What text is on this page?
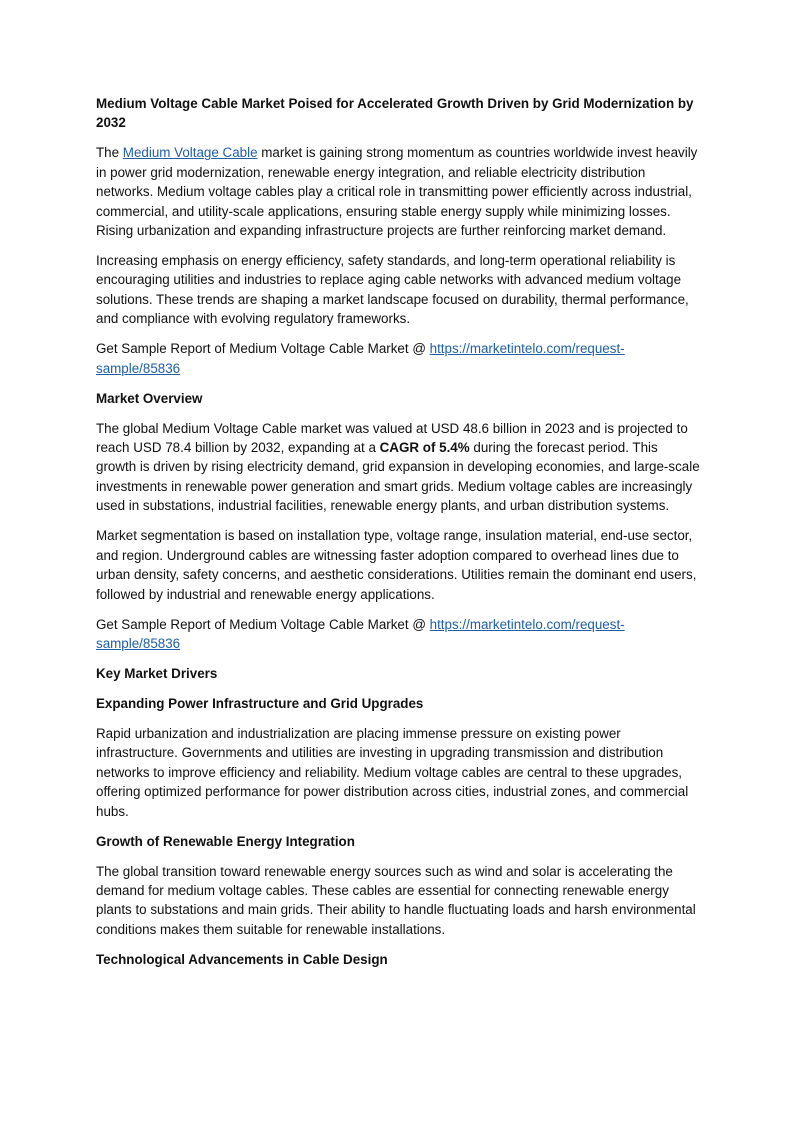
Medium Voltage Cable Market Poised for Accelerated Growth Driven by Grid Modernization by 2032

The Medium Voltage Cable market is gaining strong momentum as countries worldwide invest heavily in power grid modernization, renewable energy integration, and reliable electricity distribution networks. Medium voltage cables play a critical role in transmitting power efficiently across industrial, commercial, and utility-scale applications, ensuring stable energy supply while minimizing losses. Rising urbanization and expanding infrastructure projects are further reinforcing market demand.

Increasing emphasis on energy efficiency, safety standards, and long-term operational reliability is encouraging utilities and industries to replace aging cable networks with advanced medium voltage solutions. These trends are shaping a market landscape focused on durability, thermal performance, and compliance with evolving regulatory frameworks.

Get Sample Report of Medium Voltage Cable Market @ https://marketintelo.com/request-sample/85836

Market Overview

The global Medium Voltage Cable market was valued at USD 48.6 billion in 2023 and is projected to reach USD 78.4 billion by 2032, expanding at a CAGR of 5.4% during the forecast period. This growth is driven by rising electricity demand, grid expansion in developing economies, and large-scale investments in renewable power generation and smart grids. Medium voltage cables are increasingly used in substations, industrial facilities, renewable energy plants, and urban distribution systems.

Market segmentation is based on installation type, voltage range, insulation material, end-use sector, and region. Underground cables are witnessing faster adoption compared to overhead lines due to urban density, safety concerns, and aesthetic considerations. Utilities remain the dominant end users, followed by industrial and renewable energy applications.

Get Sample Report of Medium Voltage Cable Market @ https://marketintelo.com/request-sample/85836

Key Market Drivers

Expanding Power Infrastructure and Grid Upgrades

Rapid urbanization and industrialization are placing immense pressure on existing power infrastructure. Governments and utilities are investing in upgrading transmission and distribution networks to improve efficiency and reliability. Medium voltage cables are central to these upgrades, offering optimized performance for power distribution across cities, industrial zones, and commercial hubs.

Growth of Renewable Energy Integration

The global transition toward renewable energy sources such as wind and solar is accelerating the demand for medium voltage cables. These cables are essential for connecting renewable energy plants to substations and main grids. Their ability to handle fluctuating loads and harsh environmental conditions makes them suitable for renewable installations.

Technological Advancements in Cable Design
